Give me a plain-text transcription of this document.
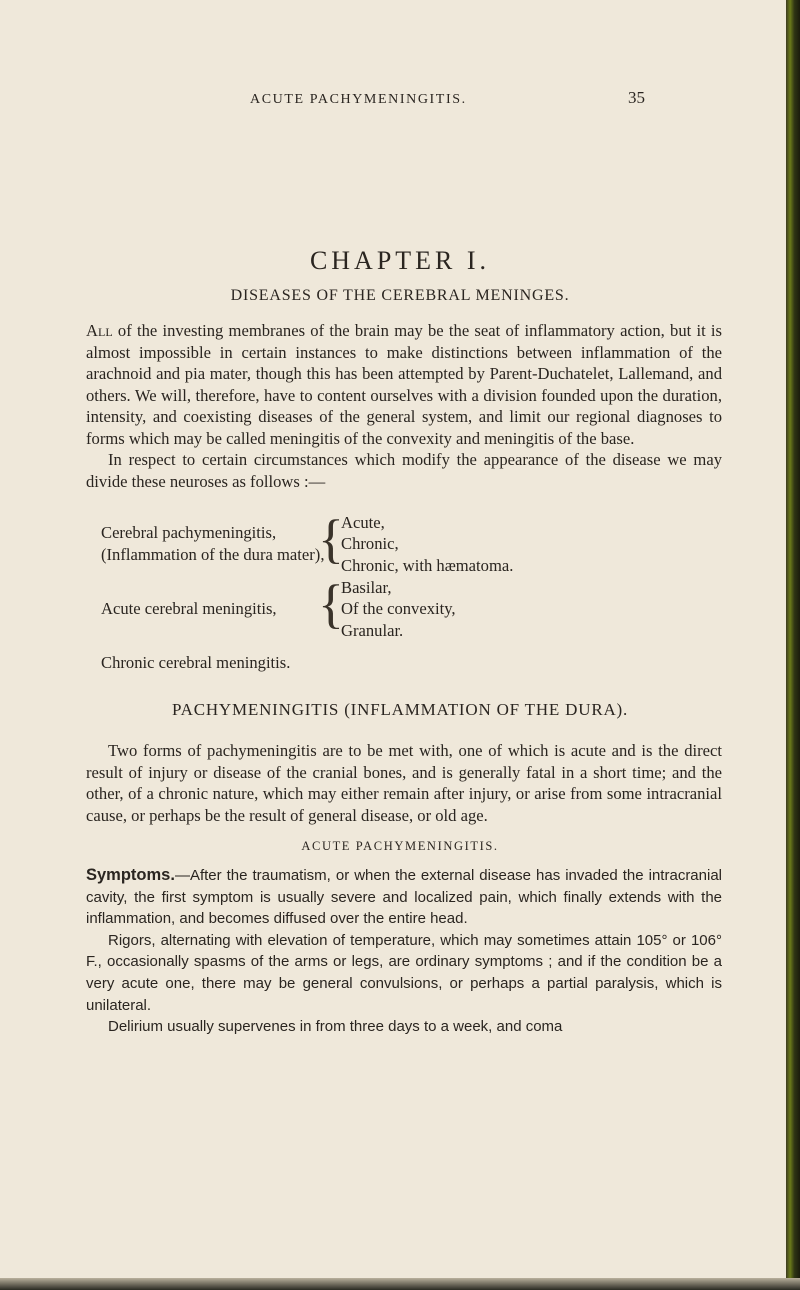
ACUTE PACHYMENINGITIS.	35
CHAPTER I.
DISEASES OF THE CEREBRAL MENINGES.

All of the investing membranes of the brain may be the seat of inflammatory action, but it is almost impossible in certain instances to make distinctions between inflammation of the arachnoid and pia mater, though this has been attempted by Parent-Duchatelet, Lallemand, and others. We will, therefore, have to content ourselves with a division founded upon the duration, intensity, and coexisting diseases of the general system, and limit our regional diagnoses to forms which may be called meningitis of the convexity and meningitis of the base.

In respect to certain circumstances which modify the appearance of the disease we may divide these neuroses as follows :—

Cerebral pachymeningitis,
(Inflammation of the dura mater),
{
Acute,
Chronic,
Chronic, with hæmatoma.
Acute cerebral meningitis, {
Basilar,
Of the convexity,
Granular.
Chronic cerebral meningitis.
PACHYMENINGITIS (INFLAMMATION OF THE DURA).

Two forms of pachymeningitis are to be met with, one of which is acute and is the direct result of injury or disease of the cranial bones, and is generally fatal in a short time; and the other, of a chronic nature, which may either remain after injury, or arise from some intracranial cause, or perhaps be the result of general disease, or old age.

ACUTE PACHYMENINGITIS.

Symptoms.—After the traumatism, or when the external disease has invaded the intracranial cavity, the first symptom is usually severe and localized pain, which finally extends with the inflammation, and becomes diffused over the entire head.

Rigors, alternating with elevation of temperature, which may sometimes attain 105° or 106° F., occasionally spasms of the arms or legs, are ordinary symptoms ; and if the condition be a very acute one, there may be general convulsions, or perhaps a partial paralysis, which is unilateral.

Delirium usually supervenes in from three days to a week, and coma
